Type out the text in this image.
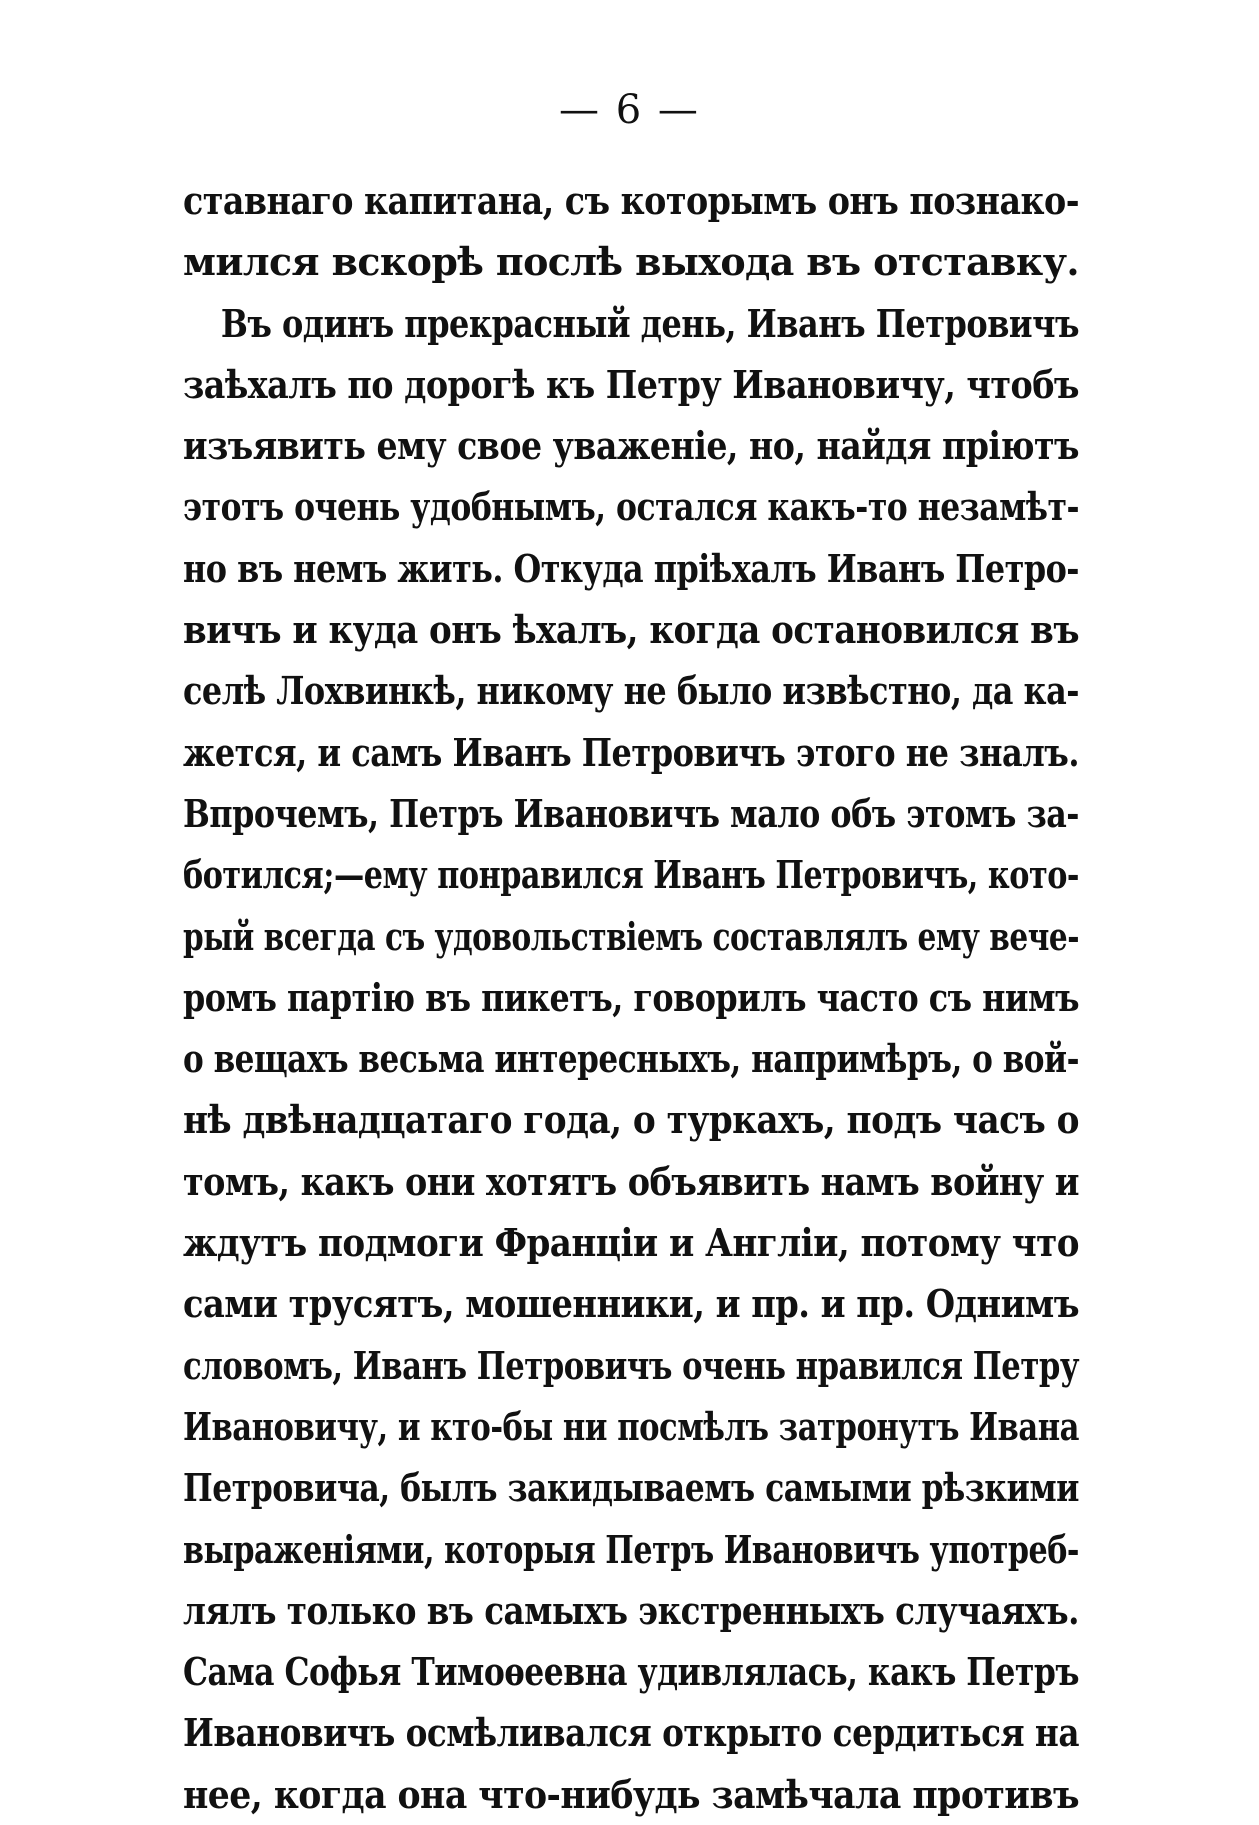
— 6 —
ставнаго капитана, съ которымъ онъ познако-
мился вскорѣ послѣ выхода въ отставку.
Въ одинъ прекрасный день, Иванъ Петровичъ
заѣхалъ по дорогѣ къ Петру Ивановичу, чтобъ
изъявить ему свое уваженіе, но, найдя пріютъ
этотъ очень удобнымъ, остался какъ-то незамѣт-
но въ немъ жить. Откуда пріѣхалъ Иванъ Петро-
вичъ и куда онъ ѣхалъ, когда остановился въ
селѣ Лохвинкѣ, никому не было извѣстно, да ка-
жется, и самъ Иванъ Петровичъ этого не зналъ.
Впрочемъ, Петръ Ивановичъ мало объ этомъ за-
ботился;—ему понравился Иванъ Петровичъ, кото-
рый всегда съ удовольствіемъ составлялъ ему вече-
ромъ партію въ пикетъ, говорилъ часто съ нимъ
о вещахъ весьма интересныхъ, напримѣръ, о вой-
нѣ двѣнадцатаго года, о туркахъ, подъ часъ о
томъ, какъ они хотятъ объявить намъ войну и
ждутъ подмоги Франціи и Англіи, потому что
сами трусятъ, мошенники, и пр. и пр. Однимъ
словомъ, Иванъ Петровичъ очень нравился Петру
Ивановичу, и кто-бы ни посмѣлъ затронутъ Ивана
Петровича, былъ закидываемъ самыми рѣзкими
выраженіями, которыя Петръ Ивановичъ употреб-
лялъ только въ самыхъ экстренныхъ случаяхъ.
Сама Софья Тимоѳеевна удивлялась, какъ Петръ
Ивановичъ осмѣливался открыто сердиться на
нее, когда она что-нибудь замѣчала противъ
